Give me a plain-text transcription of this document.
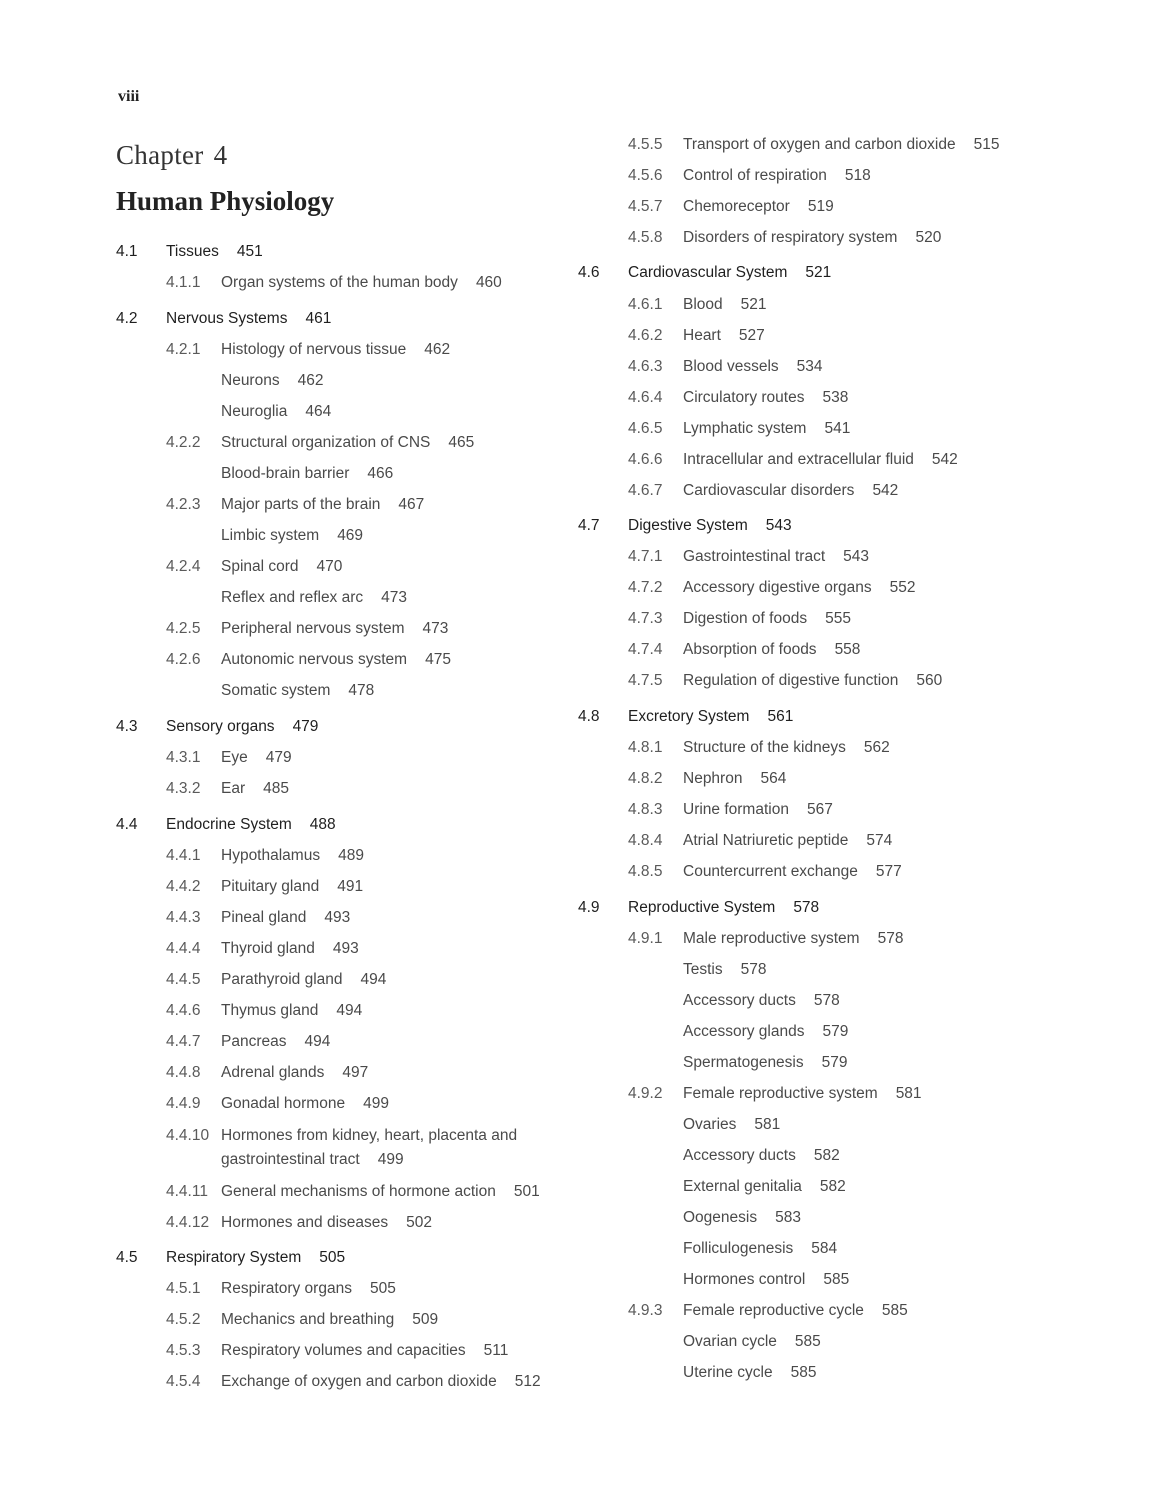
viii
Chapter 4
Human Physiology
4.1 Tissues 451
4.1.1 Organ systems of the human body 460
4.2 Nervous Systems 461
4.2.1 Histology of nervous tissue 462
Neurons 462
Neuroglia 464
4.2.2 Structural organization of CNS 465
Blood-brain barrier 466
4.2.3 Major parts of the brain 467
Limbic system 469
4.2.4 Spinal cord 470
Reflex and reflex arc 473
4.2.5 Peripheral nervous system 473
4.2.6 Autonomic nervous system 475
Somatic system 478
4.3 Sensory organs 479
4.3.1 Eye 479
4.3.2 Ear 485
4.4 Endocrine System 488
4.4.1 Hypothalamus 489
4.4.2 Pituitary gland 491
4.4.3 Pineal gland 493
4.4.4 Thyroid gland 493
4.4.5 Parathyroid gland 494
4.4.6 Thymus gland 494
4.4.7 Pancreas 494
4.4.8 Adrenal glands 497
4.4.9 Gonadal hormone 499
4.4.10 Hormones from kidney, heart, placenta and
gastrointestinal tract 499
4.4.11 General mechanisms of hormone action 501
4.4.12 Hormones and diseases 502
4.5 Respiratory System 505
4.5.1 Respiratory organs 505
4.5.2 Mechanics and breathing 509
4.5.3 Respiratory volumes and capacities 511
4.5.4 Exchange of oxygen and carbon dioxide 512
4.5.5 Transport of oxygen and carbon dioxide 515
4.5.6 Control of respiration 518
4.5.7 Chemoreceptor 519
4.5.8 Disorders of respiratory system 520
4.6 Cardiovascular System 521
4.6.1 Blood 521
4.6.2 Heart 527
4.6.3 Blood vessels 534
4.6.4 Circulatory routes 538
4.6.5 Lymphatic system 541
4.6.6 Intracellular and extracellular fluid 542
4.6.7 Cardiovascular disorders 542
4.7 Digestive System 543
4.7.1 Gastrointestinal tract 543
4.7.2 Accessory digestive organs 552
4.7.3 Digestion of foods 555
4.7.4 Absorption of foods 558
4.7.5 Regulation of digestive function 560
4.8 Excretory System 561
4.8.1 Structure of the kidneys 562
4.8.2 Nephron 564
4.8.3 Urine formation 567
4.8.4 Atrial Natriuretic peptide 574
4.8.5 Countercurrent exchange 577
4.9 Reproductive System 578
4.9.1 Male reproductive system 578
Testis 578
Accessory ducts 578
Accessory glands 579
Spermatogenesis 579
4.9.2 Female reproductive system 581
Ovaries 581
Accessory ducts 582
External genitalia 582
Oogenesis 583
Folliculogenesis 584
Hormones control 585
4.9.3 Female reproductive cycle 585
Ovarian cycle 585
Uterine cycle 585
